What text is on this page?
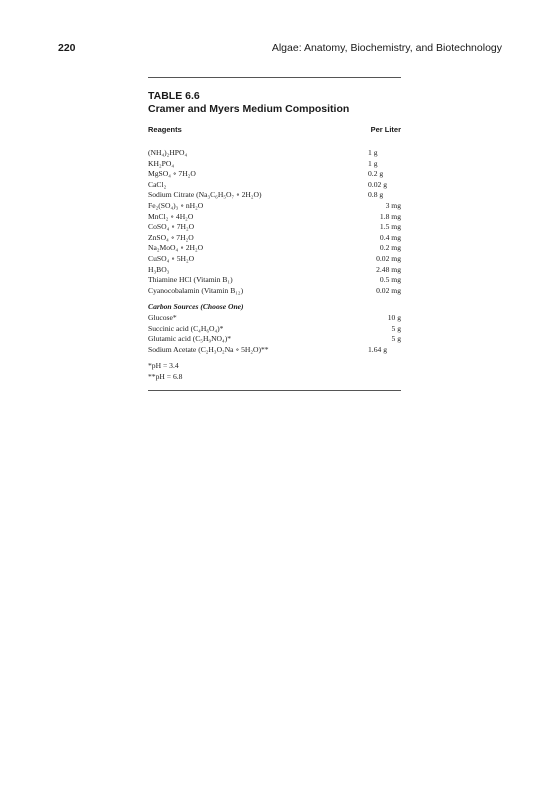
220	Algae: Anatomy, Biochemistry, and Biotechnology
TABLE 6.6
Cramer and Myers Medium Composition
Reagents	Per Liter
(NH₄)₂HPO₄	1 g
KH₂PO₄	1 g
MgSO₄ ∘ 7H₂O	0.2 g
CaCl₂	0.02 g
Sodium Citrate (Na₃C₆H₅O₇ ∘ 2H₂O)	0.8 g
Fe₂(SO₄)₃ ∘ nH₂O	3 mg
MnCl₂ ∘ 4H₂O	1.8 mg
CoSO₄ ∘ 7H₂O	1.5 mg
ZnSO₄ ∘ 7H₂O	0.4 mg
Na₂MoO₄ ∘ 2H₂O	0.2 mg
CuSO₄ ∘ 5H₂O	0.02 mg
H₃BO₃	2.48 mg
Thiamine HCl (Vitamin B₁)	0.5 mg
Cyanocobalamin (Vitamin B₁₂)	0.02 mg
Carbon Sources (Choose One)
Glucose*	10 g
Succinic acid (C₄H₆O₄)*	5 g
Glutamic acid (C₅H₉NO₄)*	5 g
Sodium Acetate (C₂H₃O₂Na ∘ 5H₂O)**	1.64 g
*pH = 3.4
**pH = 6.8
